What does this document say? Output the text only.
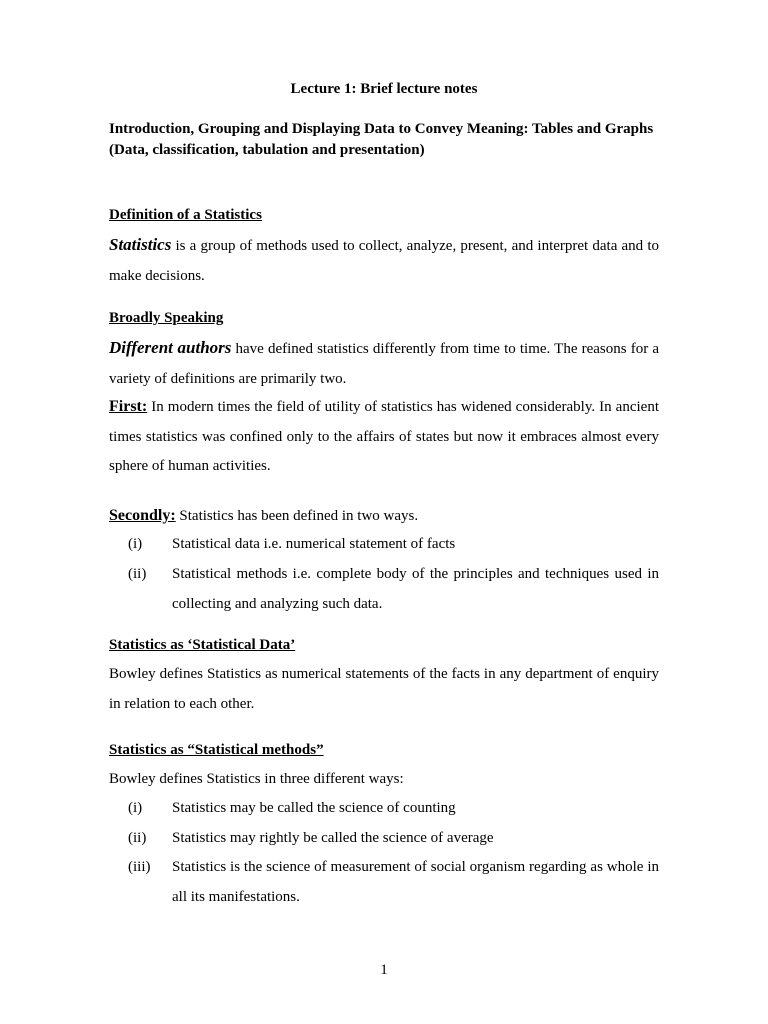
Lecture 1: Brief lecture notes
Introduction, Grouping and Displaying Data to Convey Meaning: Tables and Graphs (Data, classification, tabulation and presentation)
Definition of a Statistics
Statistics is a group of methods used to collect, analyze, present, and interpret data and to make decisions.
Broadly Speaking
Different authors have defined statistics differently from time to time. The reasons for a variety of definitions are primarily two.
First: In modern times the field of utility of statistics has widened considerably. In ancient times statistics was confined only to the affairs of states but now it embraces almost every sphere of human activities.
Secondly: Statistics has been defined in two ways.
(i) Statistical data i.e. numerical statement of facts
(ii) Statistical methods i.e. complete body of the principles and techniques used in collecting and analyzing such data.
Statistics as ‘Statistical Data’
Bowley defines Statistics as numerical statements of the facts in any department of enquiry in relation to each other.
Statistics as “Statistical methods”
Bowley defines Statistics in three different ways:
(i) Statistics may be called the science of counting
(ii) Statistics may rightly be called the science of average
(iii) Statistics is the science of measurement of social organism regarding as whole in all its manifestations.
1
